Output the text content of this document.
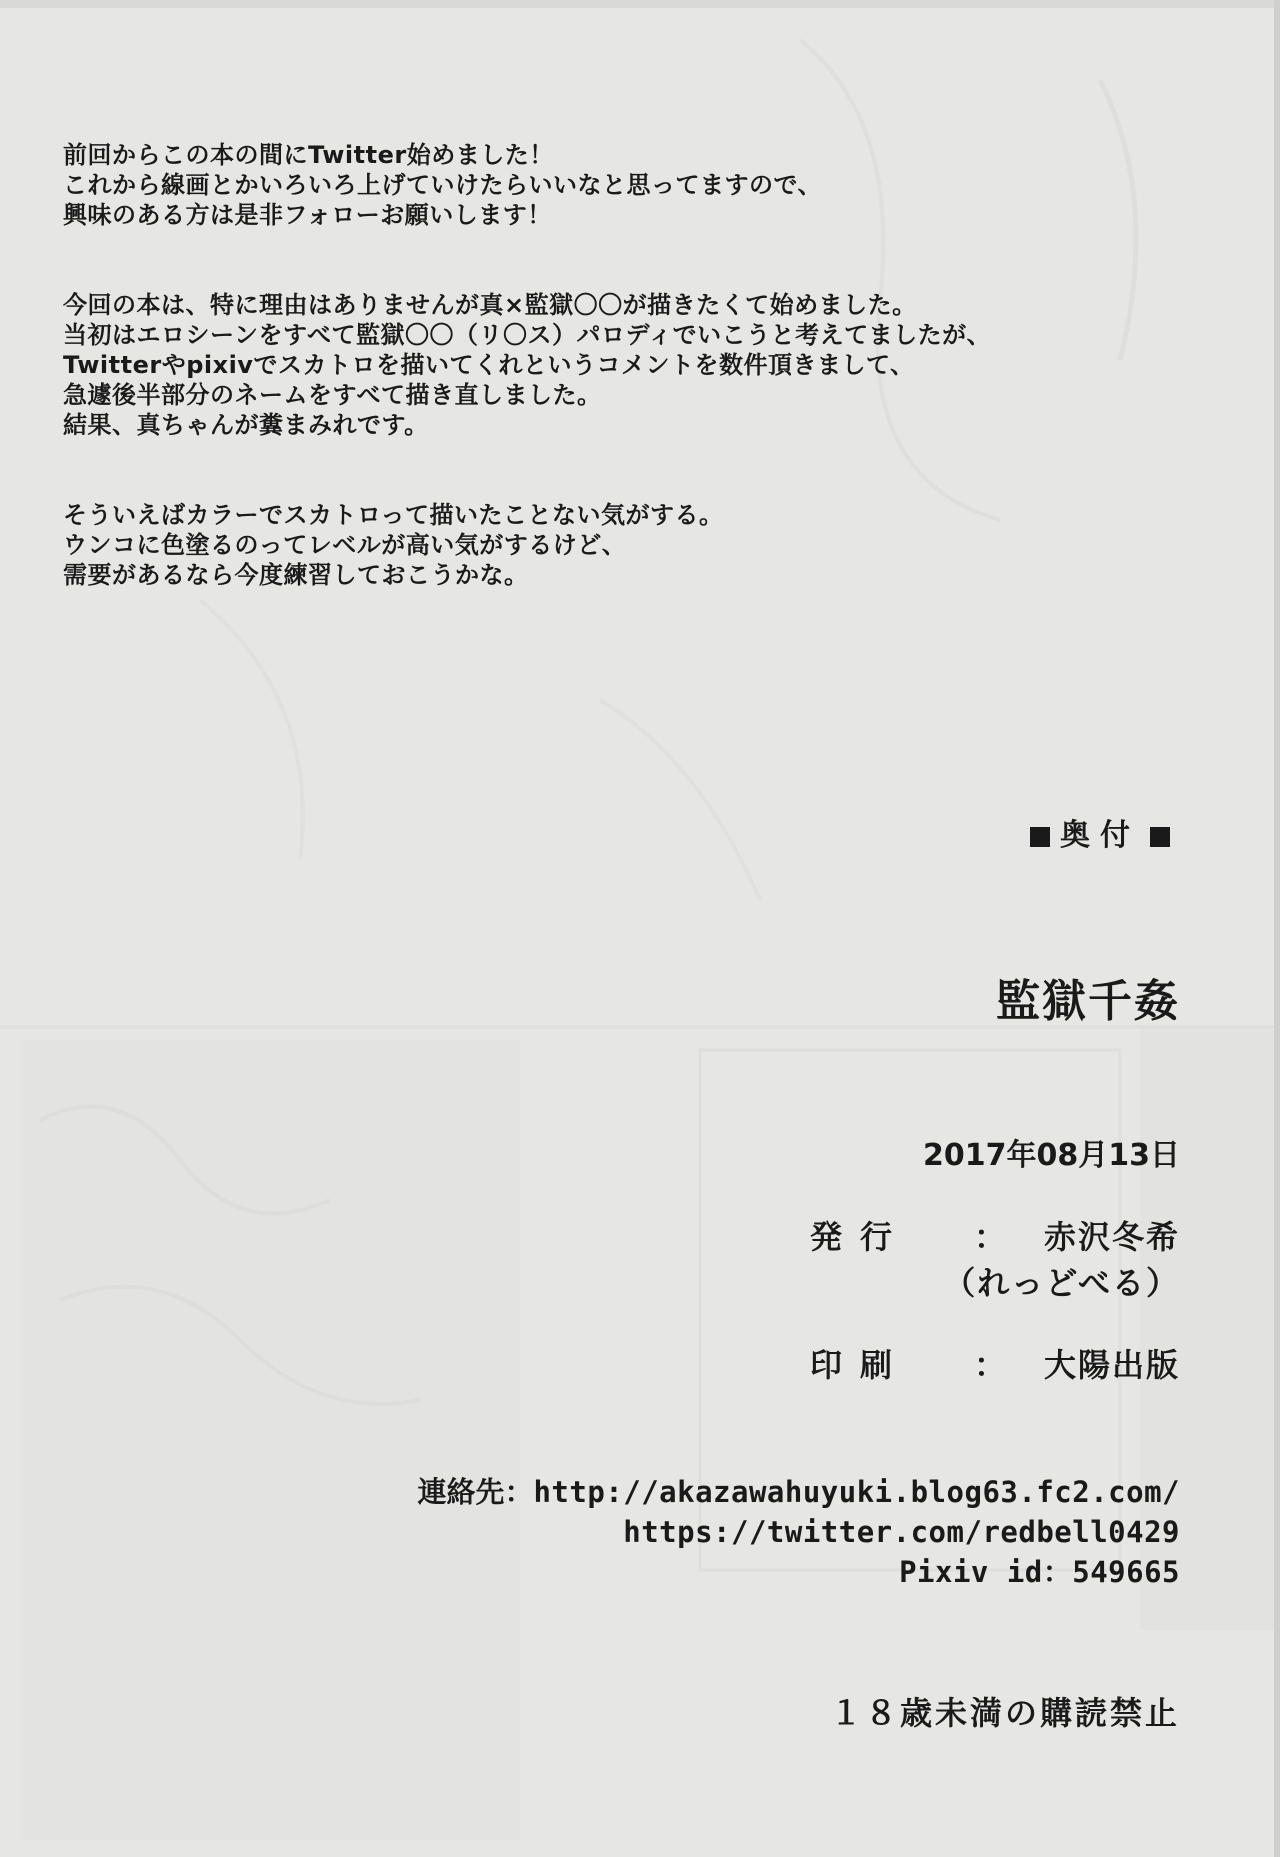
前回からこの本の間にTwitter始めました！
これから線画とかいろいろ上げていけたらいいなと思ってますので、
興味のある方は是非フォローお願いします！
今回の本は、特に理由はありませんが真×監獄〇〇が描きたくて始めました。
当初はエロシーンをすべて監獄〇〇（リ〇ス）パロディでいこうと考えてましたが、
Twitterやpixivでスカトロを描いてくれというコメントを数件頂きまして、
急遽後半部分のネームをすべて描き直しました。
結果、真ちゃんが糞まみれです。
そういえばカラーでスカトロって描いたことない気がする。
ウンコに色塗るのってレベルが高い気がするけど、
需要があるなら今度練習しておこうかな。
奥付
監獄千姦
2017年08月13日
発行	：	赤沢冬希
（れっどべる）
印刷	：	大陽出版
連絡先：http://akazawahuyuki.blog63.fc2.com/
https://twitter.com/redbell0429
Pixiv id：549665
１８歳未満の購読禁止
